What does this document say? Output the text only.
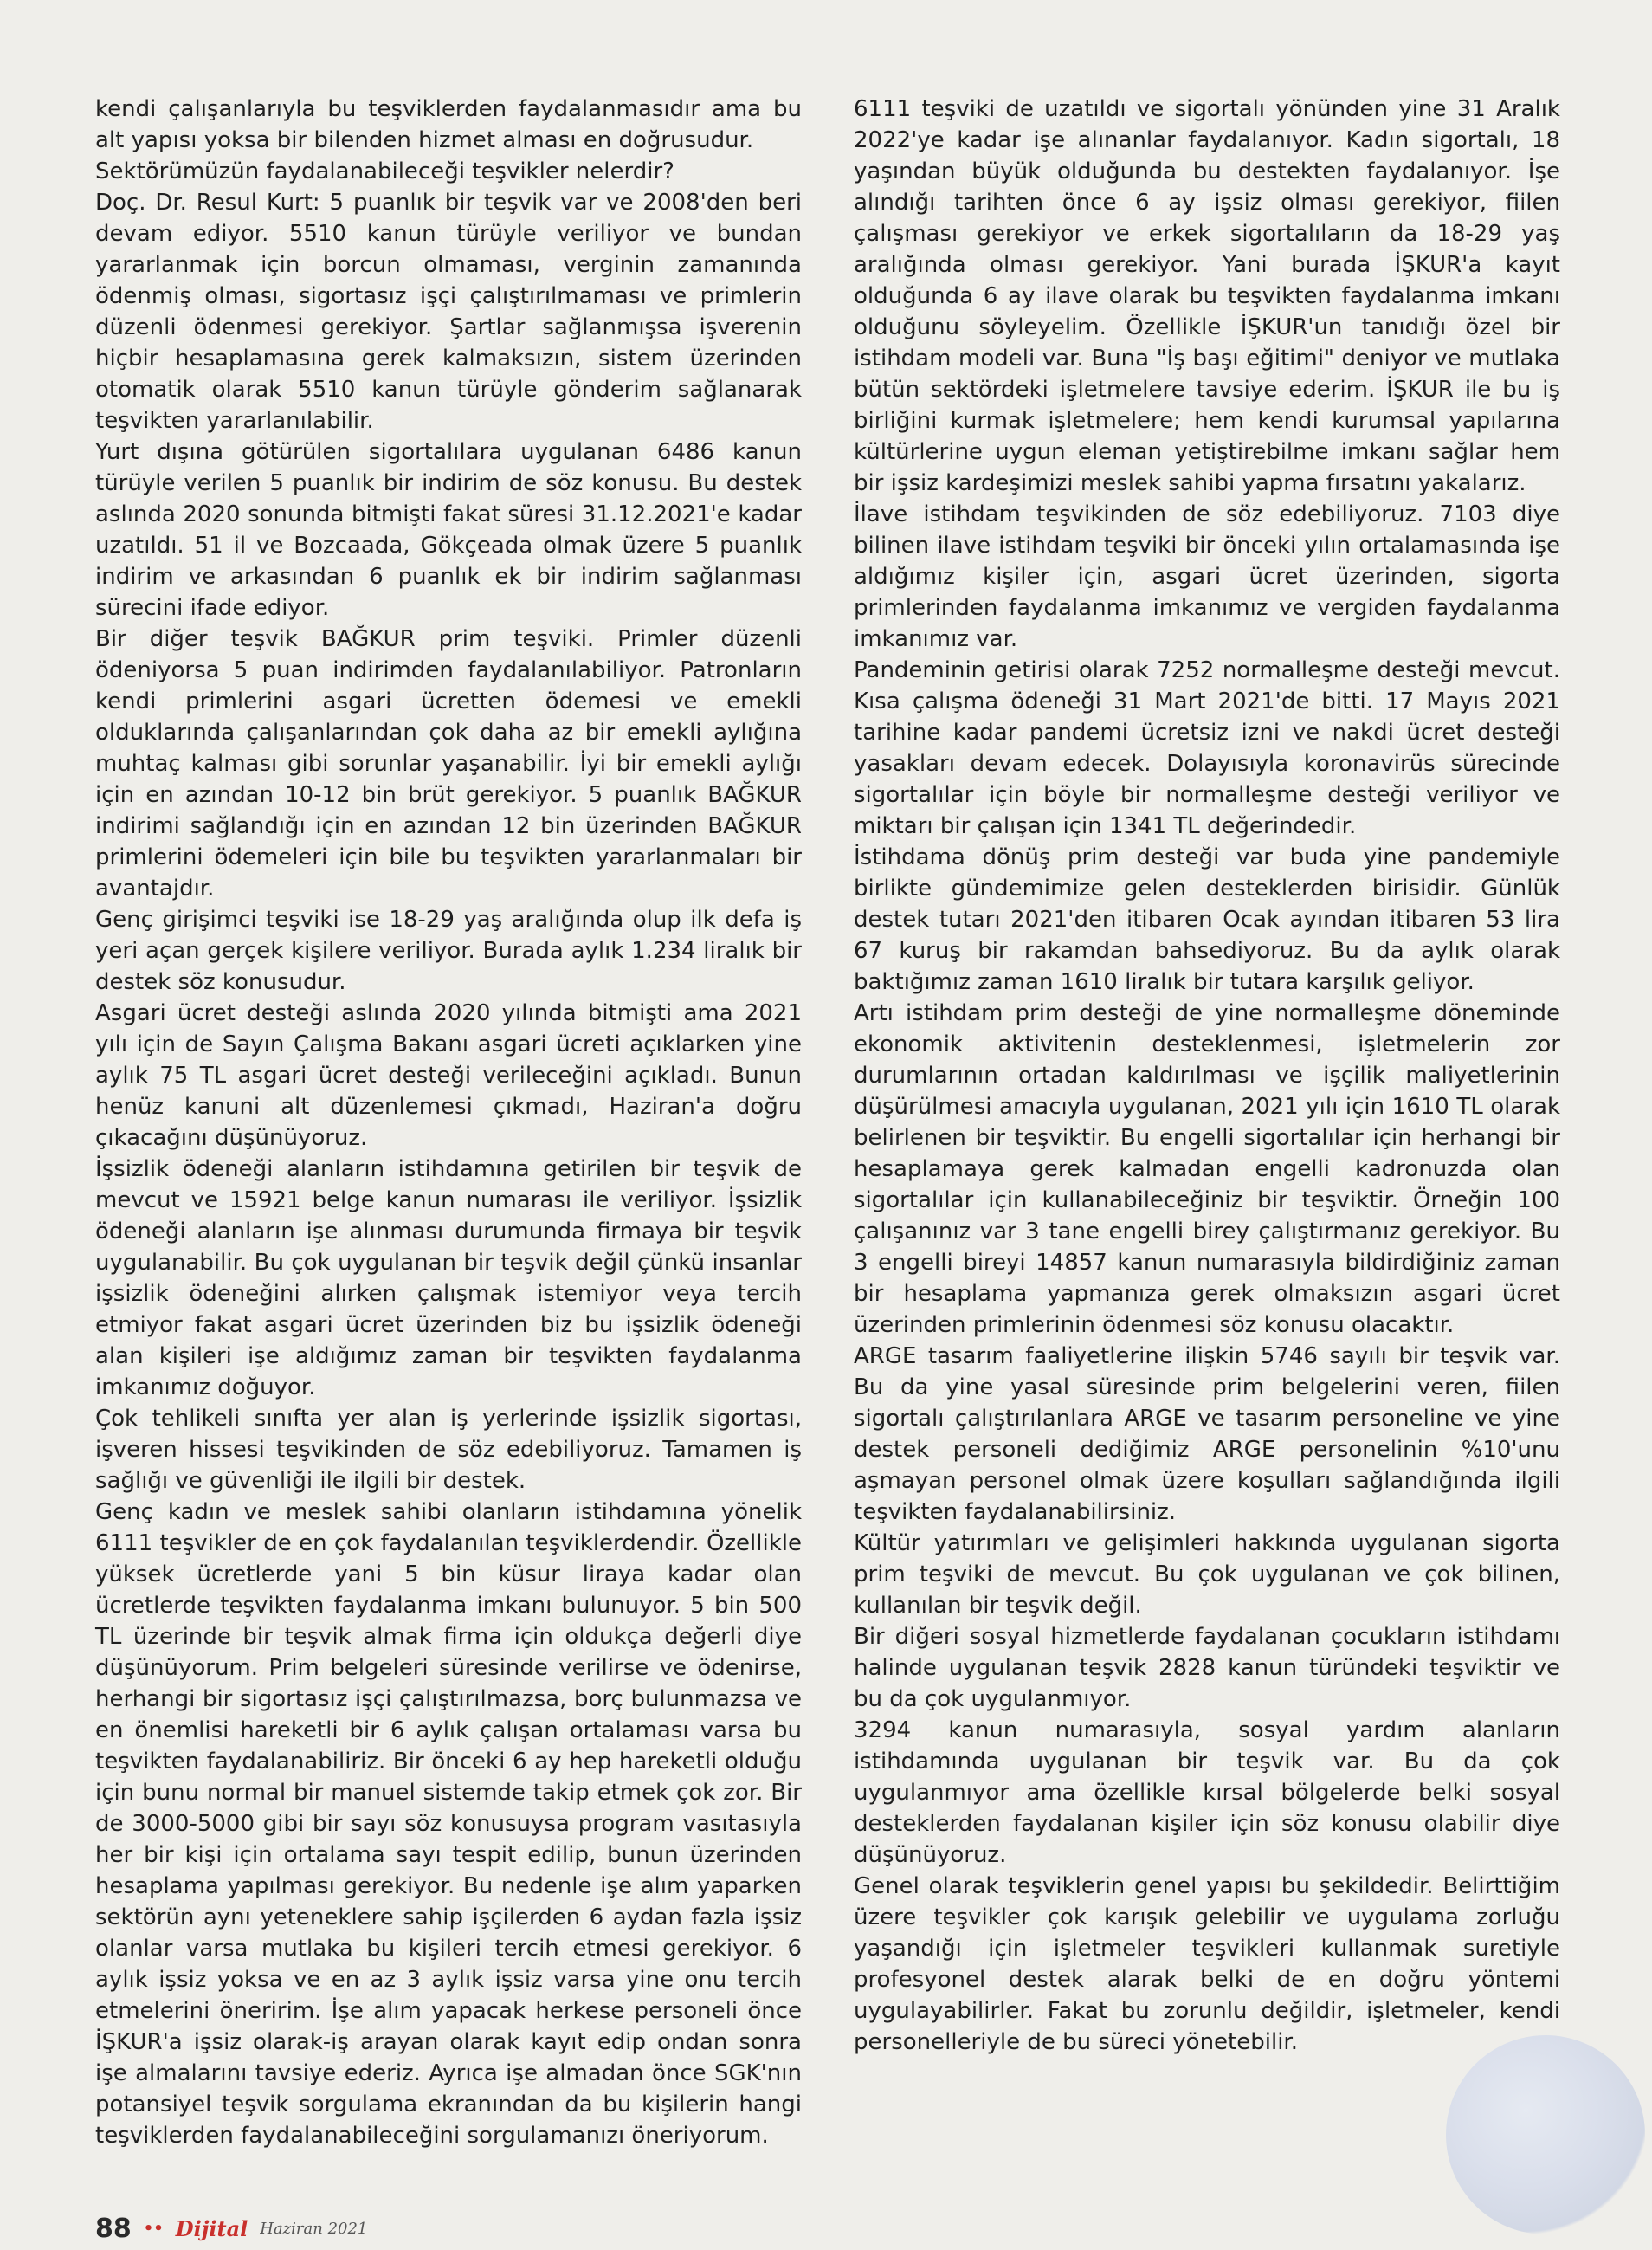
kendi çalışanlarıyla bu teşviklerden faydalanmasıdır ama bu alt yapısı yoksa bir bilenden hizmet alması en doğrusudur.

Sektörümüzün faydalanabileceği teşvikler nelerdir?

Doç. Dr. Resul Kurt: 5 puanlık bir teşvik var ve 2008'den beri devam ediyor. 5510 kanun türüyle veriliyor ve bundan yararlanmak için borcun olmaması, verginin zamanında ödenmiş olması, sigortasız işçi çalıştırılmaması ve primlerin düzenli ödenmesi gerekiyor. Şartlar sağlanmışsa işverenin hiçbir hesaplamasına gerek kalmaksızın, sistem üzerinden otomatik olarak 5510 kanun türüyle gönderim sağlanarak teşvikten yararlanılabilir.

Yurt dışına götürülen sigortalılara uygulanan 6486 kanun türüyle verilen 5 puanlık bir indirim de söz konusu. Bu destek aslında 2020 sonunda bitmişti fakat süresi 31.12.2021'e kadar uzatıldı. 51 il ve Bozcaada, Gökçeada olmak üzere 5 puanlık indirim ve arkasından 6 puanlık ek bir indirim sağlanması sürecini ifade ediyor.

Bir diğer teşvik BAĞKUR prim teşviki. Primler düzenli ödeniyorsa 5 puan indirimden faydalanılabiliyor. Patronların kendi primlerini asgari ücretten ödemesi ve emekli olduklarında çalışanlarından çok daha az bir emekli aylığına muhtaç kalması gibi sorunlar yaşanabilir. İyi bir emekli aylığı için en azından 10-12 bin brüt gerekiyor. 5 puanlık BAĞKUR indirimi sağlandığı için en azından 12 bin üzerinden BAĞKUR primlerini ödemeleri için bile bu teşvikten yararlanmaları bir avantajdır.

Genç girişimci teşviki ise 18-29 yaş aralığında olup ilk defa iş yeri açan gerçek kişilere veriliyor. Burada aylık 1.234 liralık bir destek söz konusudur.

Asgari ücret desteği aslında 2020 yılında bitmişti ama 2021 yılı için de Sayın Çalışma Bakanı asgari ücreti açıklarken yine aylık 75 TL asgari ücret desteği verileceğini açıkladı. Bunun henüz kanuni alt düzenlemesi çıkmadı, Haziran'a doğru çıkacağını düşünüyoruz.

İşsizlik ödeneği alanların istihdamına getirilen bir teşvik de mevcut ve 15921 belge kanun numarası ile veriliyor. İşsizlik ödeneği alanların işe alınması durumunda firmaya bir teşvik uygulanabilir. Bu çok uygulanan bir teşvik değil çünkü insanlar işsizlik ödeneğini alırken çalışmak istemiyor veya tercih etmiyor fakat asgari ücret üzerinden biz bu işsizlik ödeneği alan kişileri işe aldığımız zaman bir teşvikten faydalanma imkanımız doğuyor.

Çok tehlikeli sınıfta yer alan iş yerlerinde işsizlik sigortası, işveren hissesi teşvikinden de söz edebiliyoruz. Tamamen iş sağlığı ve güvenliği ile ilgili bir destek.

Genç kadın ve meslek sahibi olanların istihdamına yönelik 6111 teşvikler de en çok faydalanılan teşviklerdendir. Özellikle yüksek ücretlerde yani 5 bin küsur liraya kadar olan ücretlerde teşvikten faydalanma imkanı bulunuyor. 5 bin 500 TL üzerinde bir teşvik almak firma için oldukça değerli diye düşünüyorum. Prim belgeleri süresinde verilirse ve ödenirse, herhangi bir sigortasız işçi çalıştırılmazsa, borç bulunmazsa ve en önemlisi hareketli bir 6 aylık çalışan ortalaması varsa bu teşvikten faydalanabiliriz. Bir önceki 6 ay hep hareketli olduğu için bunu normal bir manuel sistemde takip etmek çok zor. Bir de 3000-5000 gibi bir sayı söz konusuysa program vasıtasıyla her bir kişi için ortalama sayı tespit edilip, bunun üzerinden hesaplama yapılması gerekiyor. Bu nedenle işe alım yaparken sektörün aynı yeteneklere sahip işçilerden 6 aydan fazla işsiz olanlar varsa mutlaka bu kişileri tercih etmesi gerekiyor. 6 aylık işsiz yoksa ve en az 3 aylık işsiz varsa yine onu tercih etmelerini öneririm. İşe alım yapacak herkese personeli önce İŞKUR'a işsiz olarak-iş arayan olarak kayıt edip ondan sonra işe almalarını tavsiye ederiz. Ayrıca işe almadan önce SGK'nın potansiyel teşvik sorgulama ekranından da bu kişilerin hangi teşviklerden faydalanabileceğini sorgulamanızı öneriyorum.

6111 teşviki de uzatıldı ve sigortalı yönünden yine 31 Aralık 2022'ye kadar işe alınanlar faydalanıyor. Kadın sigortalı, 18 yaşından büyük olduğunda bu destekten faydalanıyor. İşe alındığı tarihten önce 6 ay işsiz olması gerekiyor, fiilen çalışması gerekiyor ve erkek sigortalıların da 18-29 yaş aralığında olması gerekiyor. Yani burada İŞKUR'a kayıt olduğunda 6 ay ilave olarak bu teşvikten faydalanma imkanı olduğunu söyleyelim. Özellikle İŞKUR'un tanıdığı özel bir istihdam modeli var. Buna "İş başı eğitimi" deniyor ve mutlaka bütün sektördeki işletmelere tavsiye ederim. İŞKUR ile bu iş birliğini kurmak işletmelere; hem kendi kurumsal yapılarına kültürlerine uygun eleman yetiştirebilme imkanı sağlar hem bir işsiz kardeşimizi meslek sahibi yapma fırsatını yakalarız.

İlave istihdam teşvikinden de söz edebiliyoruz. 7103 diye bilinen ilave istihdam teşviki bir önceki yılın ortalamasında işe aldığımız kişiler için, asgari ücret üzerinden, sigorta primlerinden faydalanma imkanımız ve vergiden faydalanma imkanımız var.

Pandeminin getirisi olarak 7252 normalleşme desteği mevcut. Kısa çalışma ödeneği 31 Mart 2021'de bitti. 17 Mayıs 2021 tarihine kadar pandemi ücretsiz izni ve nakdi ücret desteği yasakları devam edecek. Dolayısıyla koronavirüs sürecinde sigortalılar için böyle bir normalleşme desteği veriliyor ve miktarı bir çalışan için 1341 TL değerindedir.

İstihdama dönüş prim desteği var buda yine pandemiyle birlikte gündemimize gelen desteklerden birisidir. Günlük destek tutarı 2021'den itibaren Ocak ayından itibaren 53 lira 67 kuruş bir rakamdan bahsediyoruz. Bu da aylık olarak baktığımız zaman 1610 liralık bir tutara karşılık geliyor.

Artı istihdam prim desteği de yine normalleşme döneminde ekonomik aktivitenin desteklenmesi, işletmelerin zor durumlarının ortadan kaldırılması ve işçilik maliyetlerinin düşürülmesi amacıyla uygulanan, 2021 yılı için 1610 TL olarak belirlenen bir teşviktir. Bu engelli sigortalılar için herhangi bir hesaplamaya gerek kalmadan engelli kadronuzda olan sigortalılar için kullanabileceğiniz bir teşviktir. Örneğin 100 çalışanınız var 3 tane engelli birey çalıştırmanız gerekiyor. Bu 3 engelli bireyi 14857 kanun numarasıyla bildirdiğiniz zaman bir hesaplama yapmanıza gerek olmaksızın asgari ücret üzerinden primlerinin ödenmesi söz konusu olacaktır.

ARGE tasarım faaliyetlerine ilişkin 5746 sayılı bir teşvik var. Bu da yine yasal süresinde prim belgelerini veren, fiilen sigortalı çalıştırılanlara ARGE ve tasarım personeline ve yine destek personeli dediğimiz ARGE personelinin %10'unu aşmayan personel olmak üzere koşulları sağlandığında ilgili teşvikten faydalanabilirsiniz.

Kültür yatırımları ve gelişimleri hakkında uygulanan sigorta prim teşviki de mevcut. Bu çok uygulanan ve çok bilinen, kullanılan bir teşvik değil.

Bir diğeri sosyal hizmetlerde faydalanan çocukların istihdamı halinde uygulanan teşvik 2828 kanun türündeki teşviktir ve bu da çok uygulanmıyor.

3294 kanun numarasıyla, sosyal yardım alanların istihdamında uygulanan bir teşvik var. Bu da çok uygulanmıyor ama özellikle kırsal bölgelerde belki sosyal desteklerden faydalanan kişiler için söz konusu olabilir diye düşünüyoruz.

Genel olarak teşviklerin genel yapısı bu şekildedir. Belirttiğim üzere teşvikler çok karışık gelebilir ve uygulama zorluğu yaşandığı için işletmeler teşvikleri kullanmak suretiyle profesyonel destek alarak belki de en doğru yöntemi uygulayabilirler. Fakat bu zorunlu değildir, işletmeler, kendi personelleriyle de bu süreci yönetebilir.

88 •• Dijital Haziran 2021
